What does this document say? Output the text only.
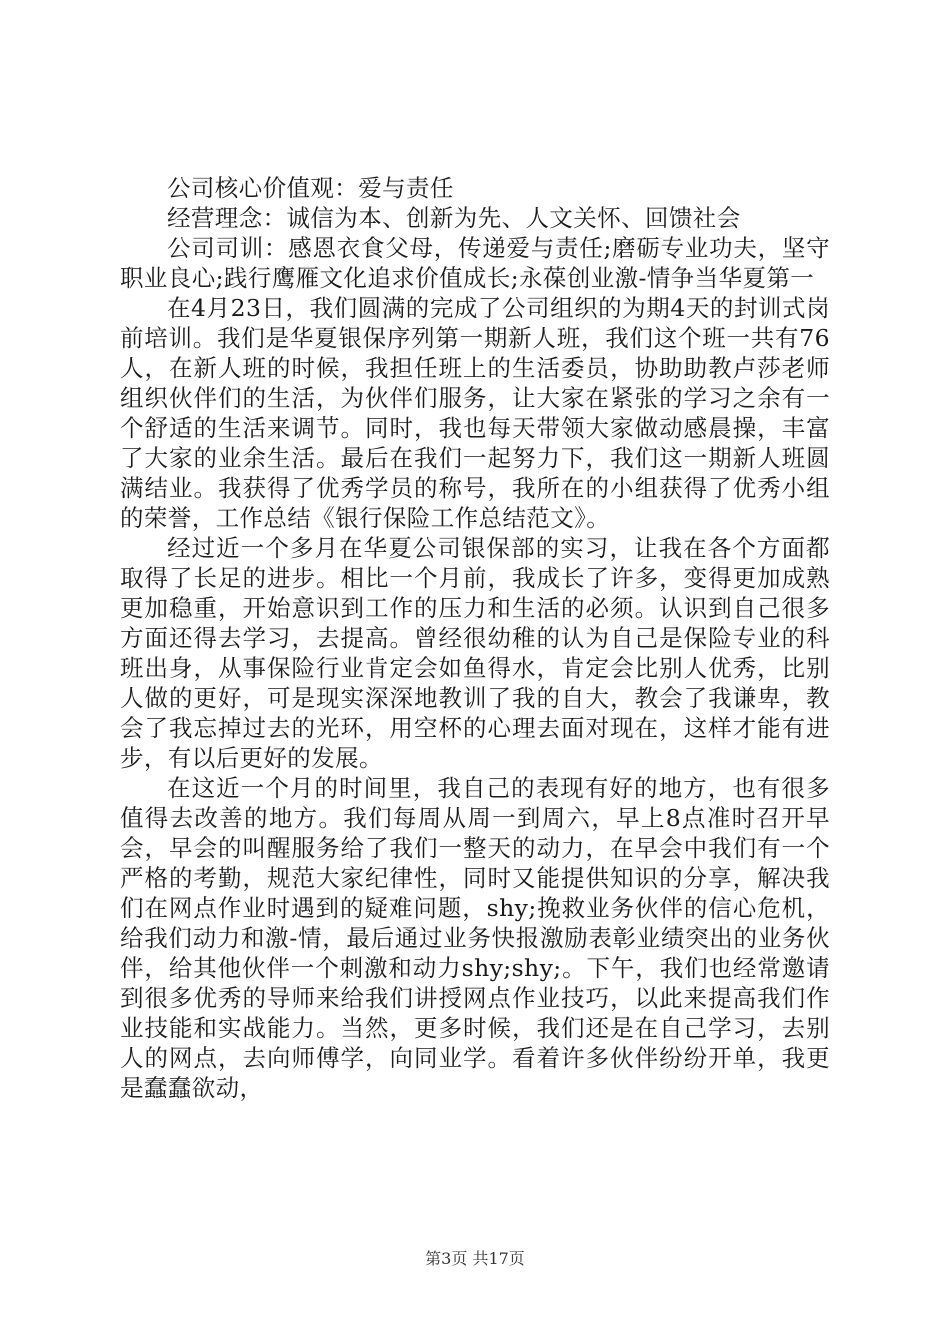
公司核心价值观：爱与责任

经营理念：诚信为本、创新为先、人文关怀、回馈社会

公司司训：感恩衣食父母，传递爱与责任;磨砺专业功夫，坚守职业良心;践行鹰雁文化追求价值成长;永葆创业激-情争当华夏第一

在4月23日，我们圆满的完成了公司组织的为期4天的封训式岗前培训。我们是华夏银保序列第一期新人班，我们这个班一共有76人，在新人班的时候，我担任班上的生活委员，协助助教卢莎老师组织伙伴们的生活，为伙伴们服务，让大家在紧张的学习之余有一个舒适的生活来调节。同时，我也每天带领大家做动感晨操，丰富了大家的业余生活。最后在我们一起努力下，我们这一期新人班圆满结业。我获得了优秀学员的称号，我所在的小组获得了优秀小组的荣誉，工作总结《银行保险工作总结范文》。

经过近一个多月在华夏公司银保部的实习，让我在各个方面都取得了长足的进步。相比一个月前，我成长了许多，变得更加成熟更加稳重，开始意识到工作的压力和生活的必须。认识到自己很多方面还得去学习，去提高。曾经很幼稚的认为自己是保险专业的科班出身，从事保险行业肯定会如鱼得水，肯定会比别人优秀，比别人做的更好，可是现实深深地教训了我的自大，教会了我谦卑，教会了我忘掉过去的光环，用空杯的心理去面对现在，这样才能有进步，有以后更好的发展。

在这近一个月的时间里，我自己的表现有好的地方，也有很多值得去改善的地方。我们每周从周一到周六，早上8点准时召开早会，早会的叫醒服务给了我们一整天的动力，在早会中我们有一个严格的考勤，规范大家纪律性，同时又能提供知识的分享，解决我们在网点作业时遇到的疑难问题，shy;挽救业务伙伴的信心危机，给我们动力和激-情，最后通过业务快报激励表彰业绩突出的业务伙伴，给其他伙伴一个刺激和动力shy;shy;。下午，我们也经常邀请到很多优秀的导师来给我们讲授网点作业技巧，以此来提高我们作业技能和实战能力。当然，更多时候，我们还是在自己学习，去别人的网点，去向师傅学，向同业学。看着许多伙伴纷纷开单，我更是蠢蠢欲动，

第3页 共17页
